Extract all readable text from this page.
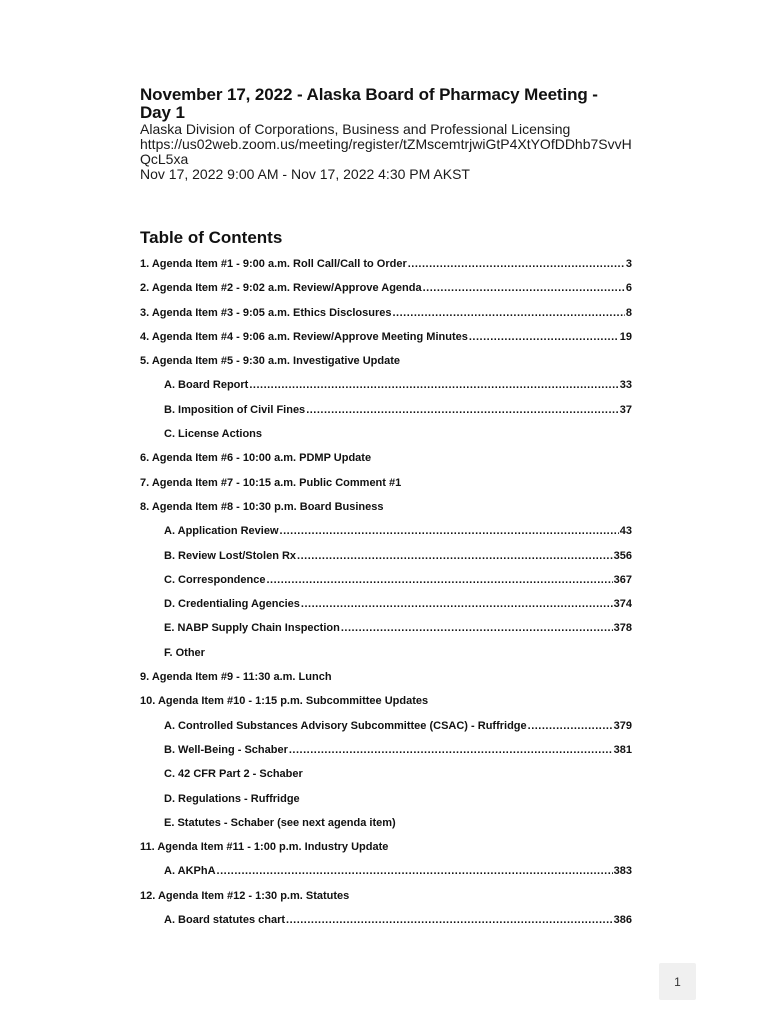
November 17, 2022 - Alaska Board of Pharmacy Meeting - Day 1
Alaska Division of Corporations, Business and Professional Licensing
https://us02web.zoom.us/meeting/register/tZMscemtrjwiGtP4XtYOfDDhb7SvvHQcL5xa
Nov 17, 2022 9:00 AM - Nov 17, 2022 4:30 PM AKST
Table of Contents
1. Agenda Item #1 - 9:00 a.m. Roll Call/Call to Order .....	3
2. Agenda Item #2 - 9:02 a.m. Review/Approve Agenda .....	6
3. Agenda Item #3 - 9:05 a.m. Ethics Disclosures .....	8
4. Agenda Item #4 - 9:06 a.m. Review/Approve Meeting Minutes .....	19
5. Agenda Item #5 - 9:30 a.m. Investigative Update
A. Board Report .....	33
B. Imposition of Civil Fines .....	37
C. License Actions
6. Agenda Item #6 - 10:00 a.m. PDMP Update
7. Agenda Item #7 - 10:15 a.m. Public Comment #1
8. Agenda Item #8 - 10:30 p.m. Board Business
A. Application Review .....	43
B. Review Lost/Stolen Rx .....	356
C. Correspondence .....	367
D. Credentialing Agencies .....	374
E. NABP Supply Chain Inspection .....	378
F. Other
9. Agenda Item #9 - 11:30 a.m. Lunch
10. Agenda Item #10 - 1:15 p.m. Subcommittee Updates
A. Controlled Substances Advisory Subcommittee (CSAC) - Ruffridge .....	379
B. Well-Being - Schaber .....	381
C. 42 CFR Part 2 - Schaber
D. Regulations - Ruffridge
E. Statutes - Schaber (see next agenda item)
11. Agenda Item #11 - 1:00 p.m. Industry Update
A. AKPhA .....	383
12. Agenda Item #12 - 1:30 p.m. Statutes
A. Board statutes chart .....	386
1
